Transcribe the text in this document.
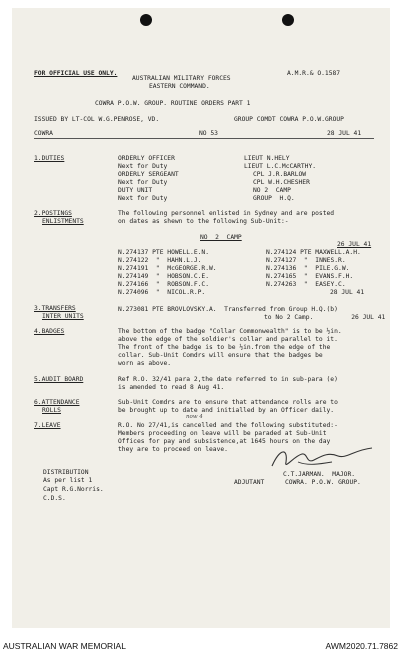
FOR OFFICIAL USE ONLY.
AUSTRALIAN MILITARY FORCES
EASTERN COMMAND.
A.M.R.& O.1587
COWRA P.O.W. GROUP. ROUTINE ORDERS PART 1
ISSUED BY LT-COL W.G.PENROSE, VD.	GROUP COMDT COWRA P.O.W.GROUP
COWRA	NO 53	28 JUL 41
1.DUTIES	ORDERLY OFFICER	LIEUT N.HELY
Next for Duty	LIEUT L.C.McCARTHY.
ORDERLY SERGEANT	CPL J.R.BARLOW
Next for Duty	CPL W.H.CHESHER
DUTY UNIT	NO 2  CAMP
Next for Duty	GROUP  H.Q.
2.POSTINGS
ENLISTMENTS
The following personnel enlisted in Sydney and are posted
on dates as shewn to the following Sub-Unit:-
NO  2  CAMP
26 JUL 41
N.274137 PTE HOWELL.E.N.
N.274122  "  HAHN.L.J.
N.274191  "  McGEORGE.R.W.
N.274149  "  HOBSON.C.E.
N.274166  "  ROBSON.F.C.
N.274096  "  NICOL.R.P.
N.274124 PTE MAXWELL.A.H.
N.274127  "  INNES.R.
N.274136  "  PILE.G.W.
N.274165  "  EVANS.F.H.
N.274263  "  EASEY.C.
28 JUL 41
3.TRANSFERS
INTER UNITS
N.273081 PTE BROVLOVSKY.A.  Transferred from Group H.Q.(b)
to No 2 Camp.          26 JUL 41
4.BADGES	The bottom of the badge "Collar Commonwealth" is to be ½in.
above the edge of the soldier's collar and parallel to it.
The front of the badge is to be ½in.from the edge of the
collar. Sub-Unit Comdrs will ensure that the badges be
worn as above.
5.AUDIT BOARD	Ref R.O. 32/41 para 2,the date referred to in sub-para (e)
is amended to read 8 Aug 41.
6.ATTENDANCE
ROLLS
Sub-Unit Comdrs are to ensure that attendance rolls are to
be brought up to date and initialled by an Officer daily.
7.LEAVE
now 4
R.O. No 27/41,is cancelled and the following substituted:-
Members proceeding on leave will be paraded at Sub-Unit
Offices for pay and subsistence,at 1645 hours on the day
they are to proceed on leave.
C.T.JARMAN.  MAJOR.
ADJUTANT	COWRA. P.O.W. GROUP.
DISTRIBUTION
As per list 1
Capt R.G.Norris.
C.D.S.
AUSTRALIAN WAR MEMORIAL	AWM2020.71.7862
